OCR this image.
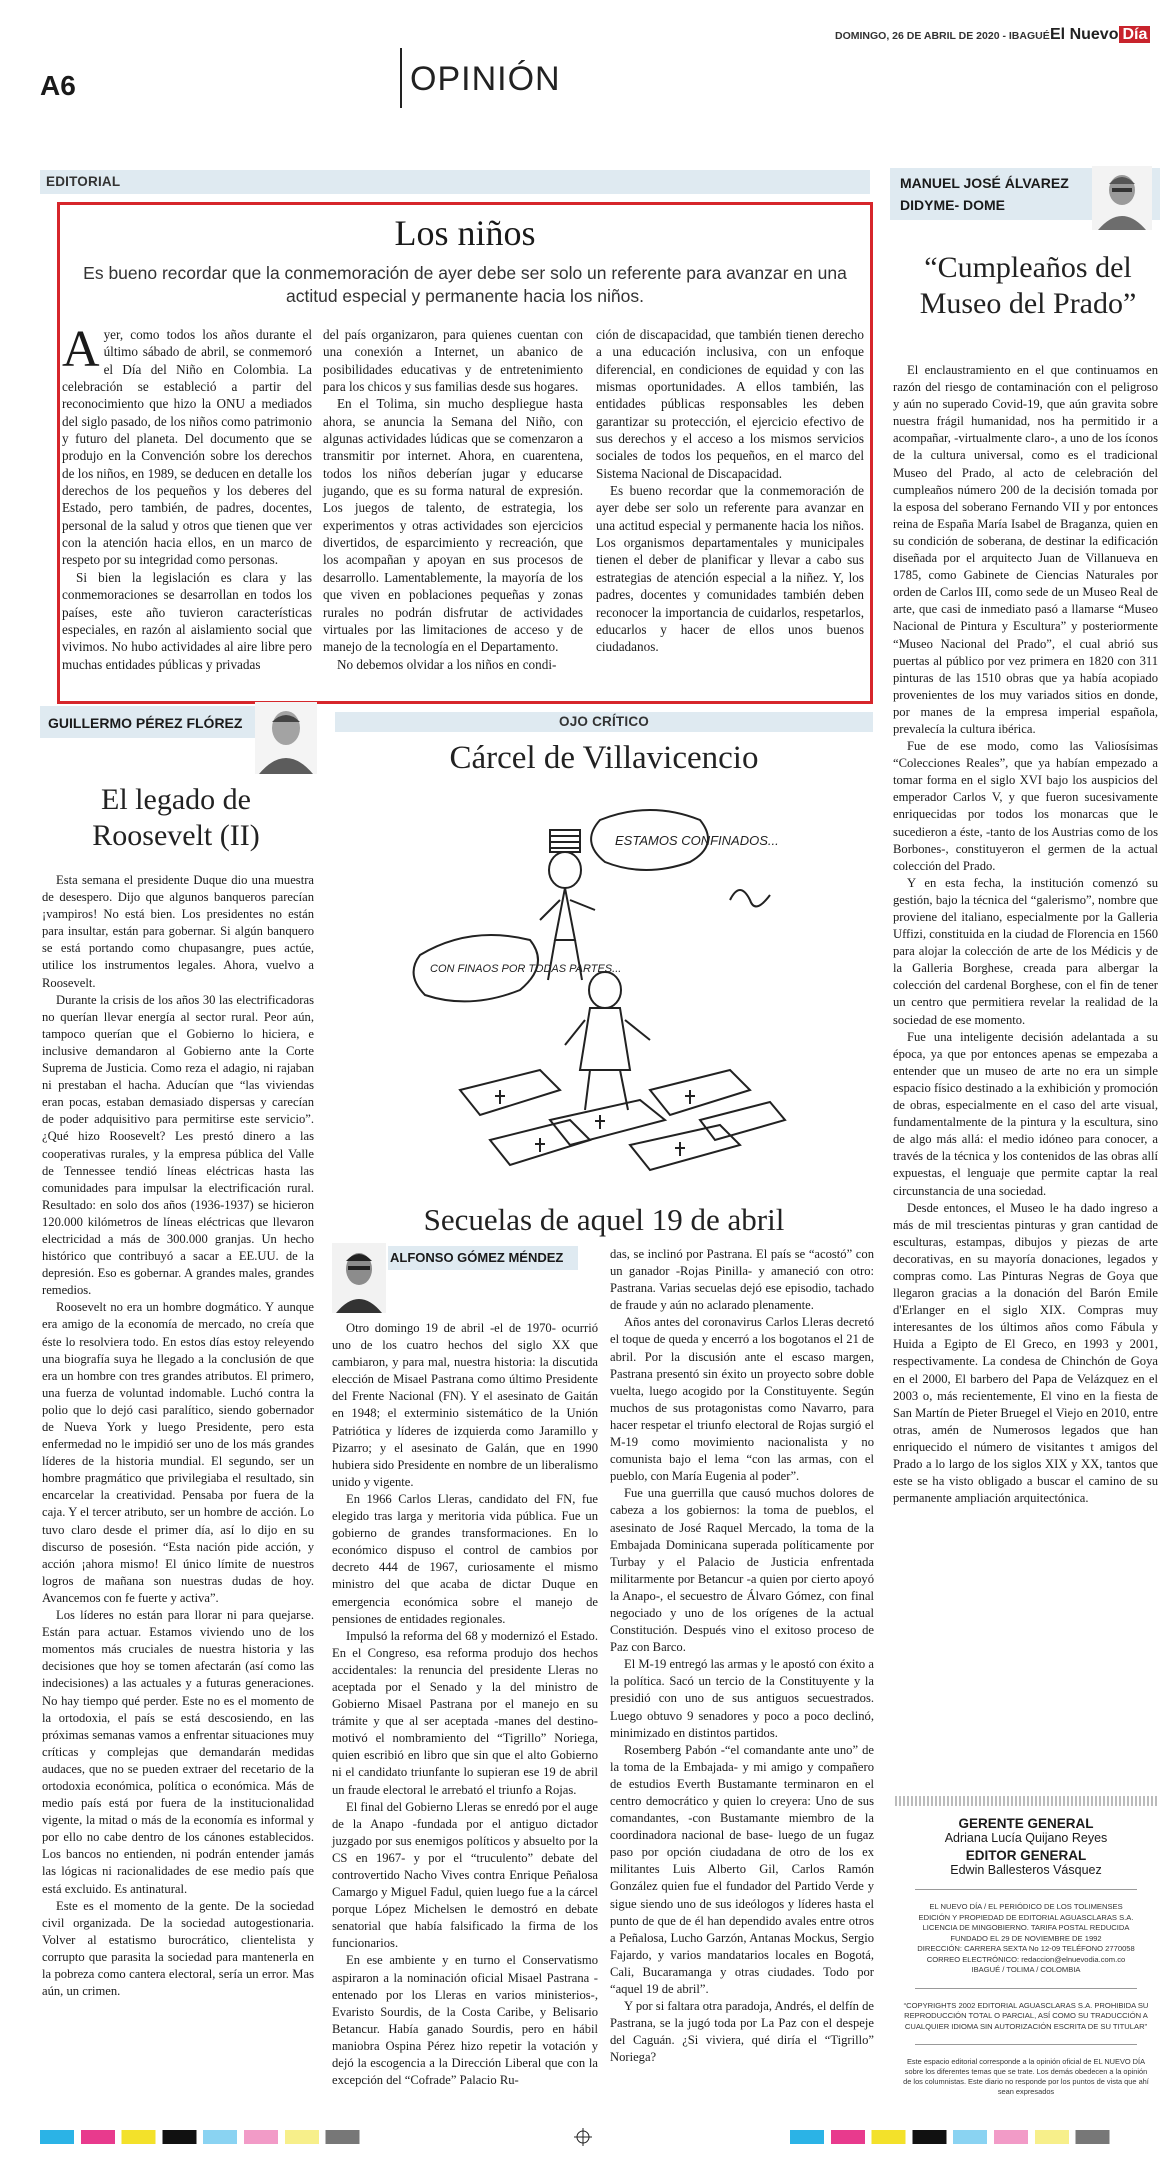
DOMINGO, 26 DE ABRIL DE 2020 - IBAGUÉ El Nuevo Día
A6	OPINIÓN
EDITORIAL
Los niños
Es bueno recordar que la conmemoración de ayer debe ser solo un referente para avanzar en una actitud especial y permanente hacia los niños.

Ayer, como todos los años durante el último sábado de abril, se conmemoró el Día del Niño en Colombia. La celebración se estableció a partir del reconocimiento que hizo la ONU a mediados del siglo pasado, de los niños como patrimonio y futuro del planeta. Del documento que se produjo en la Convención sobre los derechos de los niños, en 1989, se deducen en detalle los derechos de los pequeños y los deberes del Estado, pero también, de padres, docentes, personal de la salud y otros que tienen que ver con la atención hacia ellos, en un marco de respeto por su integridad como personas.

Si bien la legislación es clara y las conmemoraciones se desarrollan en todos los países, este año tuvieron características especiales, en razón al aislamiento social que vivimos. No hubo actividades al aire libre pero muchas entidades públicas y privadas

del país organizaron, para quienes cuentan con una conexión a Internet, un abanico de posibilidades educativas y de entretenimiento para los chicos y sus familias desde sus hogares.

En el Tolima, sin mucho despliegue hasta ahora, se anuncia la Semana del Niño, con algunas actividades lúdicas que se comenzaron a transmitir por internet. Ahora, en cuarentena, todos los niños deberían jugar y educarse jugando, que es su forma natural de expresión. Los juegos de talento, de estrategia, los experimentos y otras actividades son ejercicios divertidos, de esparcimiento y recreación, que los acompañan y apoyan en sus procesos de desarrollo. Lamentablemente, la mayoría de los que viven en poblaciones pequeñas y zonas rurales no podrán disfrutar de actividades virtuales por las limitaciones de acceso y de manejo de la tecnología en el Departamento.

No debemos olvidar a los niños en condi-

ción de discapacidad, que también tienen derecho a una educación inclusiva, con un enfoque diferencial, en condiciones de equidad y con las mismas oportunidades. A ellos también, las entidades públicas responsables les deben garantizar su protección, el ejercicio efectivo de sus derechos y el acceso a los mismos servicios sociales de todos los pequeños, en el marco del Sistema Nacional de Discapacidad.

Es bueno recordar que la conmemoración de ayer debe ser solo un referente para avanzar en una actitud especial y permanente hacia los niños. Los organismos departamentales y municipales tienen el deber de planificar y llevar a cabo sus estrategias de atención especial a la niñez. Y, los padres, docentes y comunidades también deben reconocer la importancia de cuidarlos, respetarlos, educarlos y hacer de ellos unos buenos ciudadanos.

MANUEL JOSÉ ÁLVAREZ
DIDYME- DOME
“Cumpleaños del Museo del Prado”

El enclaustramiento en el que continuamos en razón del riesgo de contaminación con el peligroso y aún no superado Covid-19, que aún gravita sobre nuestra frágil humanidad, nos ha permitido ir a acompañar, -virtualmente claro-, a uno de los íconos de la cultura universal, como es el tradicional Museo del Prado, al acto de celebración del cumpleaños número 200 de la decisión tomada por la esposa del soberano Fernando VII y por entonces reina de España María Isabel de Braganza, quien en su condición de soberana, de destinar la edificación diseñada por el arquitecto Juan de Villanueva en 1785, como Gabinete de Ciencias Naturales por orden de Carlos III, como sede de un Museo Real de arte, que casi de inmediato pasó a llamarse “Museo Nacional de Pintura y Escultura” y posteriormente “Museo Nacional del Prado”, el cual abrió sus puertas al público por vez primera en 1820 con 311 pinturas de las 1510 obras que ya había acopiado provenientes de los muy variados sitios en donde, por manes de la empresa imperial española, prevalecía la cultura ibérica.

Fue de ese modo, como las Valiosísimas “Colecciones Reales”, que ya habían empezado a tomar forma en el siglo XVI bajo los auspicios del emperador Carlos V, y que fueron sucesivamente enriquecidas por todos los monarcas que le sucedieron a éste, -tanto de los Austrias como de los Borbones-, constituyeron el germen de la actual colección del Prado.

Y en esta fecha, la institución comenzó su gestión, bajo la técnica del “galerismo”, nombre que proviene del italiano, especialmente por la Galleria Uffizi, constituida en la ciudad de Florencia en 1560 para alojar la colección de arte de los Médicis y de la Galleria Borghese, creada para albergar la colección del cardenal Borghese, con el fin de tener un centro que permitiera revelar la realidad de la sociedad de ese momento.

Fue una inteligente decisión adelantada a su época, ya que por entonces apenas se empezaba a entender que un museo de arte no era un simple espacio físico destinado a la exhibición y promoción de obras, especialmente en el caso del arte visual, fundamentalmente de la pintura y la escultura, sino de algo más allá: el medio idóneo para conocer, a través de la técnica y los contenidos de las obras allí expuestas, el lenguaje que permite captar la real circunstancia de una sociedad.

Desde entonces, el Museo le ha dado ingreso a más de mil trescientas pinturas y gran cantidad de esculturas, estampas, dibujos y piezas de arte decorativas, en su mayoría donaciones, legados y compras como. Las Pinturas Negras de Goya que llegaron gracias a la donación del Barón Emile d'Erlanger en el siglo XIX. Compras muy interesantes de los últimos años como Fábula y Huida a Egipto de El Greco, en 1993 y 2001, respectivamente. La condesa de Chinchón de Goya en el 2000, El barbero del Papa de Velázquez en el 2003 o, más recientemente, El vino en la fiesta de San Martín de Pieter Bruegel el Viejo en 2010, entre otras, amén de Numerosos legados que han enriquecido el número de visitantes t amigos del Prado a lo largo de los siglos XIX y XX, tantos que este se ha visto obligado a buscar el camino de su permanente ampliación arquitectónica.

GUILLERMO PÉREZ FLÓREZ
El legado de Roosevelt (II)

Esta semana el presidente Duque dio una muestra de desespero. Dijo que algunos banqueros parecían ¡vampiros! No está bien. Los presidentes no están para insultar, están para gobernar. Si algún banquero se está portando como chupasangre, pues actúe, utilice los instrumentos legales. Ahora, vuelvo a Roosevelt.

Durante la crisis de los años 30 las electrificadoras no querían llevar energía al sector rural. Peor aún, tampoco querían que el Gobierno lo hiciera, e inclusive demandaron al Gobierno ante la Corte Suprema de Justicia. Como reza el adagio, ni rajaban ni prestaban el hacha. Aducían que “las viviendas eran pocas, estaban demasiado dispersas y carecían de poder adquisitivo para permitirse este servicio”. ¿Qué hizo Roosevelt? Les prestó dinero a las cooperativas rurales, y la empresa pública del Valle de Tennessee tendió líneas eléctricas hasta las comunidades para impulsar la electrificación rural. Resultado: en solo dos años (1936-1937) se hicieron 120.000 kilómetros de líneas eléctricas que llevaron electricidad a más de 300.000 granjas. Un hecho histórico que contribuyó a sacar a EE.UU. de la depresión. Eso es gobernar. A grandes males, grandes remedios.

Roosevelt no era un hombre dogmático. Y aunque era amigo de la economía de mercado, no creía que éste lo resolviera todo. En estos días estoy releyendo una biografía suya he llegado a la conclusión de que era un hombre con tres grandes atributos. El primero, una fuerza de voluntad indomable. Luchó contra la polio que lo dejó casi paralítico, siendo gobernador de Nueva York y luego Presidente, pero esta enfermedad no le impidió ser uno de los más grandes líderes de la historia mundial. El segundo, ser un hombre pragmático que privilegiaba el resultado, sin encarcelar la creatividad. Pensaba por fuera de la caja. Y el tercer atributo, ser un hombre de acción. Lo tuvo claro desde el primer día, así lo dijo en su discurso de posesión. “Esta nación pide acción, y acción ¡ahora mismo! El único límite de nuestros logros de mañana son nuestras dudas de hoy. Avancemos con fe fuerte y activa”.

Los líderes no están para llorar ni para quejarse. Están para actuar. Estamos viviendo uno de los momentos más cruciales de nuestra historia y las decisiones que hoy se tomen afectarán (así como las indecisiones) a las actuales y a futuras generaciones. No hay tiempo qué perder. Este no es el momento de la ortodoxia, el país se está descosiendo, en las próximas semanas vamos a enfrentar situaciones muy críticas y complejas que demandarán medidas audaces, que no se pueden extraer del recetario de la ortodoxia económica, política o económica. Más de medio país está por fuera de la institucionalidad vigente, la mitad o más de la economía es informal y por ello no cabe dentro de los cánones establecidos. Los bancos no entienden, ni podrán entender jamás las lógicas ni racionalidades de ese medio país que está excluido. Es antinatural.

Este es el momento de la gente. De la sociedad civil organizada. De la sociedad autogestionaria. Volver al estatismo burocrático, clientelista y corrupto que parasita la sociedad para mantenerla en la pobreza como cantera electoral, sería un error. Mas aún, un crimen.

OJO CRÍTICO
Cárcel de Villavicencio
ESTAMOS CONFINADOS...
CON FINAOS POR TODAS PARTES...
Secuelas de aquel 19 de abril
ALFONSO GÓMEZ MÉNDEZ

Otro domingo 19 de abril -el de 1970- ocurrió uno de los cuatro hechos del siglo XX que cambiaron, y para mal, nuestra historia: la discutida elección de Misael Pastrana como último Presidente del Frente Nacional (FN). Y el asesinato de Gaitán en 1948; el exterminio sistemático de la Unión Patriótica y líderes de izquierda como Jaramillo y Pizarro; y el asesinato de Galán, que en 1990 hubiera sido Presidente en nombre de un liberalismo unido y vigente.

En 1966 Carlos Lleras, candidato del FN, fue elegido tras larga y meritoria vida pública. Fue un gobierno de grandes transformaciones. En lo económico dispuso el control de cambios por decreto 444 de 1967, curiosamente el mismo ministro del que acaba de dictar Duque en emergencia económica sobre el manejo de pensiones de entidades regionales.

Impulsó la reforma del 68 y modernizó el Estado. En el Congreso, esa reforma produjo dos hechos accidentales: la renuncia del presidente Lleras no aceptada por el Senado y la del ministro de Gobierno Misael Pastrana por el manejo en su trámite y que al ser aceptada -manes del destino- motivó el nombramiento del “Tigrillo” Noriega, quien escribió en libro que sin que el alto Gobierno ni el candidato triunfante lo supieran ese 19 de abril un fraude electoral le arrebató el triunfo a Rojas.

El final del Gobierno Lleras se enredó por el auge de la Anapo -fundada por el antiguo dictador juzgado por sus enemigos políticos y absuelto por la CS en 1967- y por el “truculento” debate del controvertido Nacho Vives contra Enrique Peñalosa Camargo y Miguel Fadul, quien luego fue a la cárcel porque López Michelsen le demostró en debate senatorial que había falsificado la firma de los funcionarios.

En ese ambiente y en turno el Conservatismo aspiraron a la nominación oficial Misael Pastrana -entenado por los Lleras en varios ministerios-, Evaristo Sourdis, de la Costa Caribe, y Belisario Betancur. Había ganado Sourdis, pero en hábil maniobra Ospina Pérez hizo repetir la votación y dejó la escogencia a la Dirección Liberal que con la excepción del “Cofrade” Palacio Ru-

das, se inclinó por Pastrana. El país se “acostó” con un ganador -Rojas Pinilla- y amaneció con otro: Pastrana. Varias secuelas dejó ese episodio, tachado de fraude y aún no aclarado plenamente.

Años antes del coronavirus Carlos Lleras decretó el toque de queda y encerró a los bogotanos el 21 de abril. Por la discusión ante el escaso margen, Pastrana presentó sin éxito un proyecto sobre doble vuelta, luego acogido por la Constituyente. Según muchos de sus protagonistas como Navarro, para hacer respetar el triunfo electoral de Rojas surgió el M-19 como movimiento nacionalista y no comunista bajo el lema “con las armas, con el pueblo, con María Eugenia al poder”.

Fue una guerrilla que causó muchos dolores de cabeza a los gobiernos: la toma de pueblos, el asesinato de José Raquel Mercado, la toma de la Embajada Dominicana superada políticamente por Turbay y el Palacio de Justicia enfrentada militarmente por Betancur -a quien por cierto apoyó la Anapo-, el secuestro de Álvaro Gómez, con final negociado y uno de los orígenes de la actual Constitución. Después vino el exitoso proceso de Paz con Barco.

El M-19 entregó las armas y le apostó con éxito a la política. Sacó un tercio de la Constituyente y la presidió con uno de sus antiguos secuestrados. Luego obtuvo 9 senadores y poco a poco declinó, minimizado en distintos partidos.

Rosemberg Pabón -“el comandante ante uno” de la toma de la Embajada- y mi amigo y compañero de estudios Everth Bustamante terminaron en el centro democrático y quien lo creyera: Uno de sus comandantes, -con Bustamante miembro de la coordinadora nacional de base- luego de un fugaz paso por opción ciudadana de otro de los ex militantes Luis Alberto Gil, Carlos Ramón González quien fue el fundador del Partido Verde y sigue siendo uno de sus ideólogos y líderes hasta el punto de que de él han dependido avales entre otros a Peñalosa, Lucho Garzón, Antanas Mockus, Sergio Fajardo, y varios mandatarios locales en Bogotá, Cali, Bucaramanga y otras ciudades. Todo por “aquel 19 de abril”.

Y por si faltara otra paradoja, Andrés, el delfín de Pastrana, se la jugó toda por La Paz con el despeje del Caguán. ¿Si viviera, qué diría el “Tigrillo” Noriega?

GERENTE GENERAL
Adriana Lucía Quijano Reyes
EDITOR GENERAL
Edwin Ballesteros Vásquez
EL NUEVO DÍA / EL PERIÓDICO DE LOS TOLIMENSES
EDICIÓN Y PROPIEDAD DE EDITORIAL AGUASCLARAS S.A.
LICENCIA DE MINGOBIERNO. TARIFA POSTAL REDUCIDA
FUNDADO EL 29 DE NOVIEMBRE DE 1992
DIRECCIÓN: CARRERA SEXTA No 12-09 TELÉFONO 2770058
CORREO ELECTRÓNICO: redaccion@elnuevodia.com.co
IBAGUÉ / TOLIMA / COLOMBIA
“COPYRIGHTS 2002 EDITORIAL AGUASCLARAS S.A. PROHIBIDA SU REPRODUCCIÓN TOTAL O PARCIAL, ASÍ COMO SU TRADUCCIÓN A CUALQUIER IDIOMA SIN AUTORIZACIÓN ESCRITA DE SU TITULAR”
Este espacio editorial corresponde a la opinión oficial de EL NUEVO DÍA sobre los diferentes temas que se trate. Los demás obedecen a la opinión de los columnistas. Este diario no responde por los puntos de vista que ahí sean expresados
